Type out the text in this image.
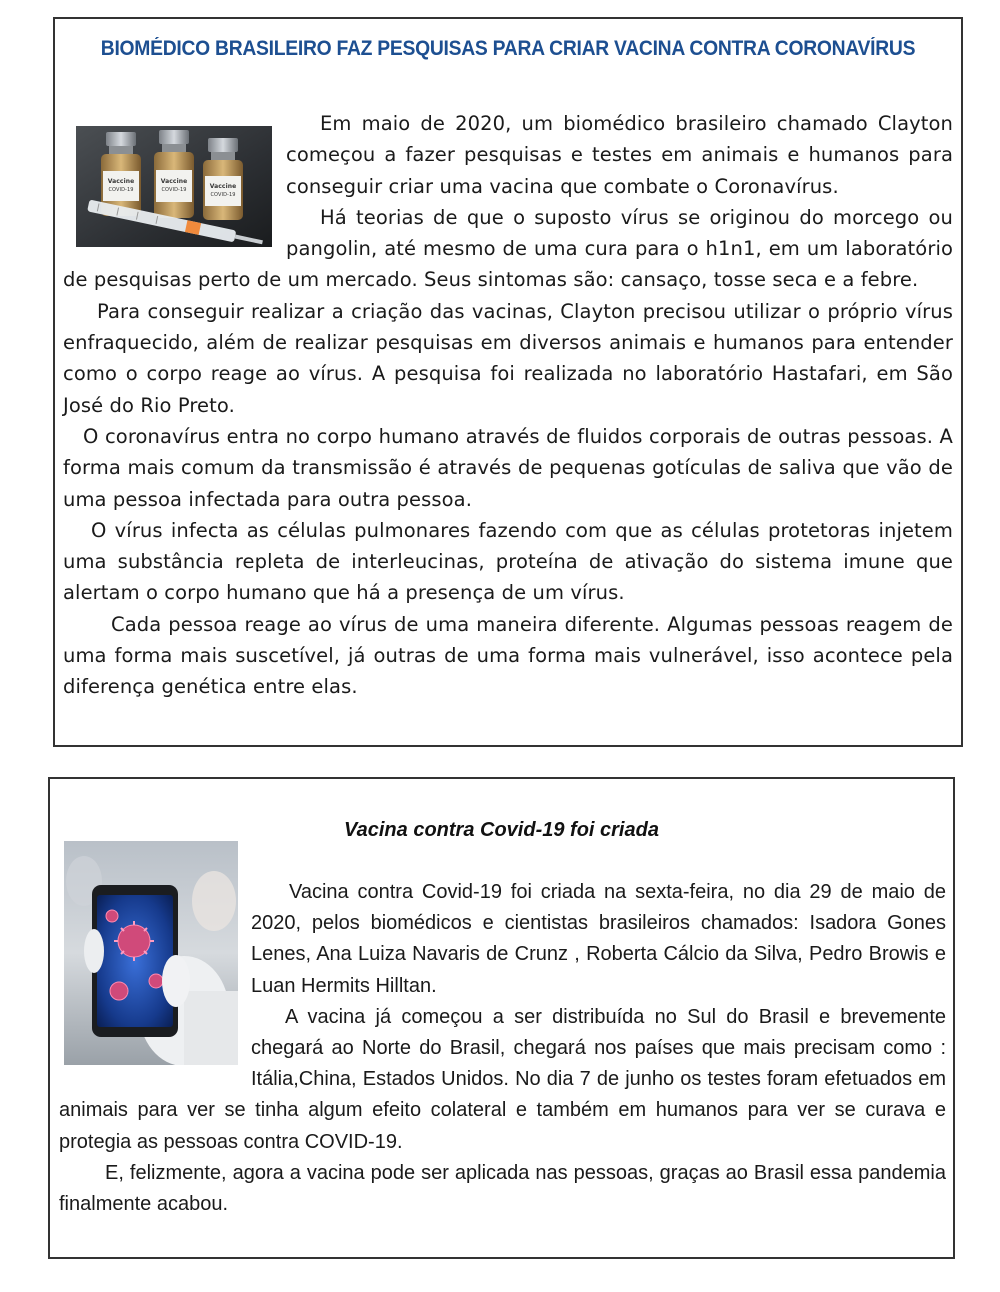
BIOMÉDICO BRASILEIRO FAZ PESQUISAS PARA CRIAR VACINA CONTRA CORONAVÍRUS
Vaccine
COVID-19
Vaccine
COVID-19	Vaccine
COVID-19

Em maio de 2020, um biomédico brasileiro chamado Clayton começou a fazer pesquisas e testes em animais e humanos para conseguir criar uma vacina que combate o Coronavírus.

Há teorias de que o suposto vírus se originou do morcego ou pangolin, até mesmo de uma cura para o h1n1, em um laboratório de pesquisas perto de um mercado. Seus sintomas são: cansaço, tosse seca e a febre.

Para conseguir realizar a criação das vacinas, Clayton precisou utilizar o próprio vírus enfraquecido, além de realizar pesquisas em diversos animais e humanos para entender como o corpo reage ao vírus. A pesquisa foi realizada no laboratório Hastafari, em São José do Rio Preto.

O coronavírus entra no corpo humano através de fluidos corporais de outras pessoas. A forma mais comum da transmissão é através de pequenas gotículas de saliva que vão de uma pessoa infectada para outra pessoa.

O vírus infecta as células pulmonares fazendo com que as células protetoras injetem uma substância repleta de interleucinas, proteína de ativação do sistema imune que alertam o corpo humano que há a presença de um vírus.

Cada pessoa reage ao vírus de uma maneira diferente. Algumas pessoas reagem de uma forma mais suscetível, já outras de uma forma mais vulnerável, isso acontece pela diferença genética entre elas.

Vacina contra Covid-19 foi criada

Vacina contra Covid-19 foi criada na sexta-feira, no dia 29 de maio de 2020, pelos biomédicos e cientistas brasileiros chamados: Isadora Gones Lenes, Ana Luiza Navaris de Crunz , Roberta Cálcio da Silva, Pedro Browis e Luan Hermits Hilltan.

A vacina já começou a ser distribuída no Sul do Brasil e brevemente chegará ao Norte do Brasil, chegará nos países que mais precisam como : Itália,China, Estados Unidos. No dia 7 de junho os testes foram efetuados em animais para ver se tinha algum efeito colateral e também em humanos para ver se curava e protegia as pessoas contra COVID-19.

E, felizmente, agora a vacina pode ser aplicada nas pessoas, graças ao Brasil essa pandemia finalmente acabou.
